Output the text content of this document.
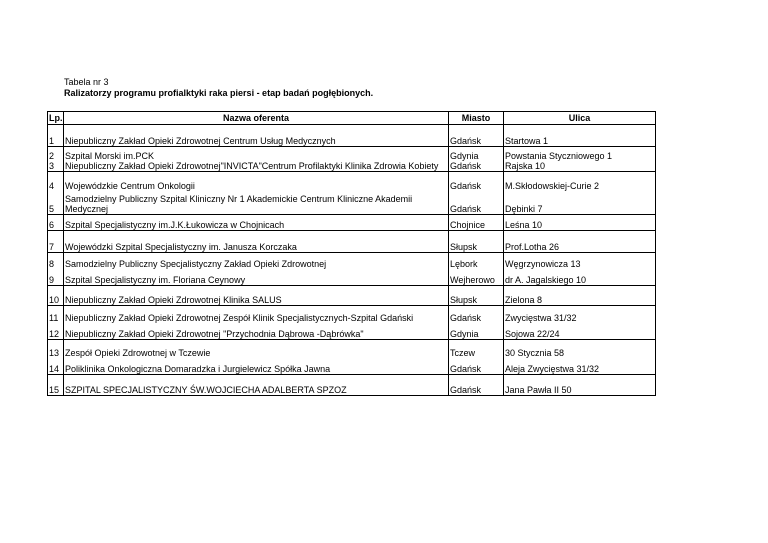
Tabela nr 3
Ralizatorzy programu profialktyki raka piersi - etap badań pogłębionych.
Lp.	Nazwa oferenta	Miasto	Ulica
1	Niepubliczny Zakład Opieki Zdrowotnej Centrum Usług Medycznych	Gdańsk	Startowa 1
2	Szpital Morski im.PCK	Gdynia	Powstania Styczniowego 1
3	Niepubliczny Zakład Opieki Zdrowotnej"INVICTA"Centrum Profilaktyki Klinika Zdrowia Kobiety	Gdańsk	Rajska 10
4	Wojewódzkie Centrum Onkologii	Gdańsk	M.Skłodowskiej-Curie 2
5	Samodzielny Publiczny Szpital Kliniczny Nr 1 Akademickie Centrum Kliniczne Akademii Medycznej	Gdańsk	Dębinki 7
6	Szpital Specjalistyczny im.J.K.Łukowicza w Chojnicach	Chojnice	Leśna 10
7	Wojewódzki Szpital Specjalistyczny im. Janusza Korczaka	Słupsk	Prof.Lotha 26
8	Samodzielny Publiczny Specjalistyczny Zakład Opieki Zdrowotnej	Lębork	Węgrzynowicza 13
9	Szpital Specjalistyczny im. Floriana Ceynowy	Wejherowo	dr A. Jagalskiego 10
10	Niepubliczny Zakład Opieki Zdrowotnej Klinika SALUS	Słupsk	Zielona 8
11	Niepubliczny Zakład Opieki Zdrowotnej Zespół Klinik Specjalistycznych-Szpital Gdański	Gdańsk	Zwycięstwa 31/32
12	Niepubliczny Zakład Opieki Zdrowotnej "Przychodnia Dąbrowa -Dąbrówka"	Gdynia	Sojowa 22/24
13	Zespół Opieki Zdrowotnej w Tczewie	Tczew	30 Stycznia 58
14	Poliklinika Onkologiczna Domaradzka i Jurgielewicz Spółka Jawna	Gdańsk	Aleja Zwycięstwa 31/32
15	SZPITAL SPECJALISTYCZNY ŚW.WOJCIECHA ADALBERTA SPZOZ	Gdańsk	Jana Pawła II 50
